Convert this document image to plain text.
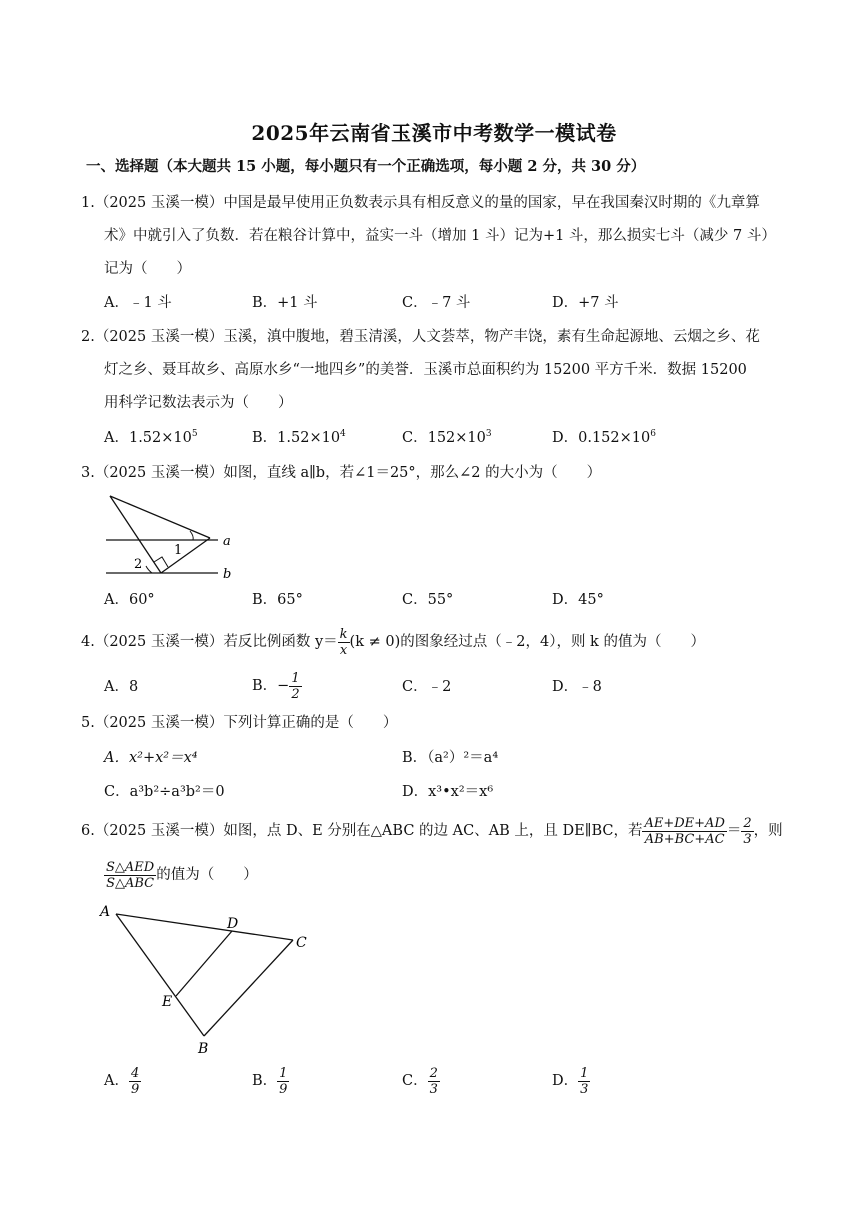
2025年云南省玉溪市中考数学一模试卷
一、选择题（本大题共 15 小题，每小题只有一个正确选项，每小题 2 分，共 30 分）
1.（2025 玉溪一模）中国是最早使用正负数表示具有相反意义的量的国家，早在我国秦汉时期的《九章算
术》中就引入了负数．若在粮谷计算中，益实一斗（增加 1 斗）记为+1 斗，那么损实七斗（减少 7 斗）
记为（　　）
A．﹣1 斗	B．+1 斗	C．﹣7 斗	D．+7 斗
2.（2025 玉溪一模）玉溪，滇中腹地，碧玉清溪，人文荟萃，物产丰饶，素有生命起源地、云烟之乡、花
灯之乡、聂耳故乡、高原水乡“一地四乡”的美誉．玉溪市总面积约为 15200 平方千米．数据 15200
用科学记数法表示为（　　）
A．$1.52\times 10^5$	B．$1.52\times 10^4$	C．$152\times 10^3$	D．$0.152\times 10^6$
3.（2025 玉溪一模）如图，直线 a∥b，若∠1＝25°，那么∠2 的大小为（　　）
1
2
a
b
A．60°	B．65°	C．55°	D．45°
4.（2025 玉溪一模）若反比例函数 $y= \frac{k}{x} (k \ne 0)$的图象经过点（﹣2，4），则 k 的值为（　　）
A．8	B．− $\frac{1}{2}$	C．﹣2	D．﹣8
5.（2025 玉溪一模）下列计算正确的是（　　）
A．x²+x²＝x⁴	B．（a²）²＝a⁴
C．a³b²÷a³b²＝0	D．x³•x²＝x⁶
6.（2025 玉溪一模）如图，点 D、E 分别在△ABC 的边 AC、AB 上，且 DE∥BC，若 $\frac{AE+DE+AD}{AB+BC+AC} = \frac{2}{3}$ ，则
$\frac{\text{S△AED}}{\text{S△ABC}}$ 的值为（　　）
A
B
C
D
E
A． $\frac{4}{9}$	B． $\frac{1}{9}$	C． $\frac{2}{3}$	D． $\frac{1}{3}$
